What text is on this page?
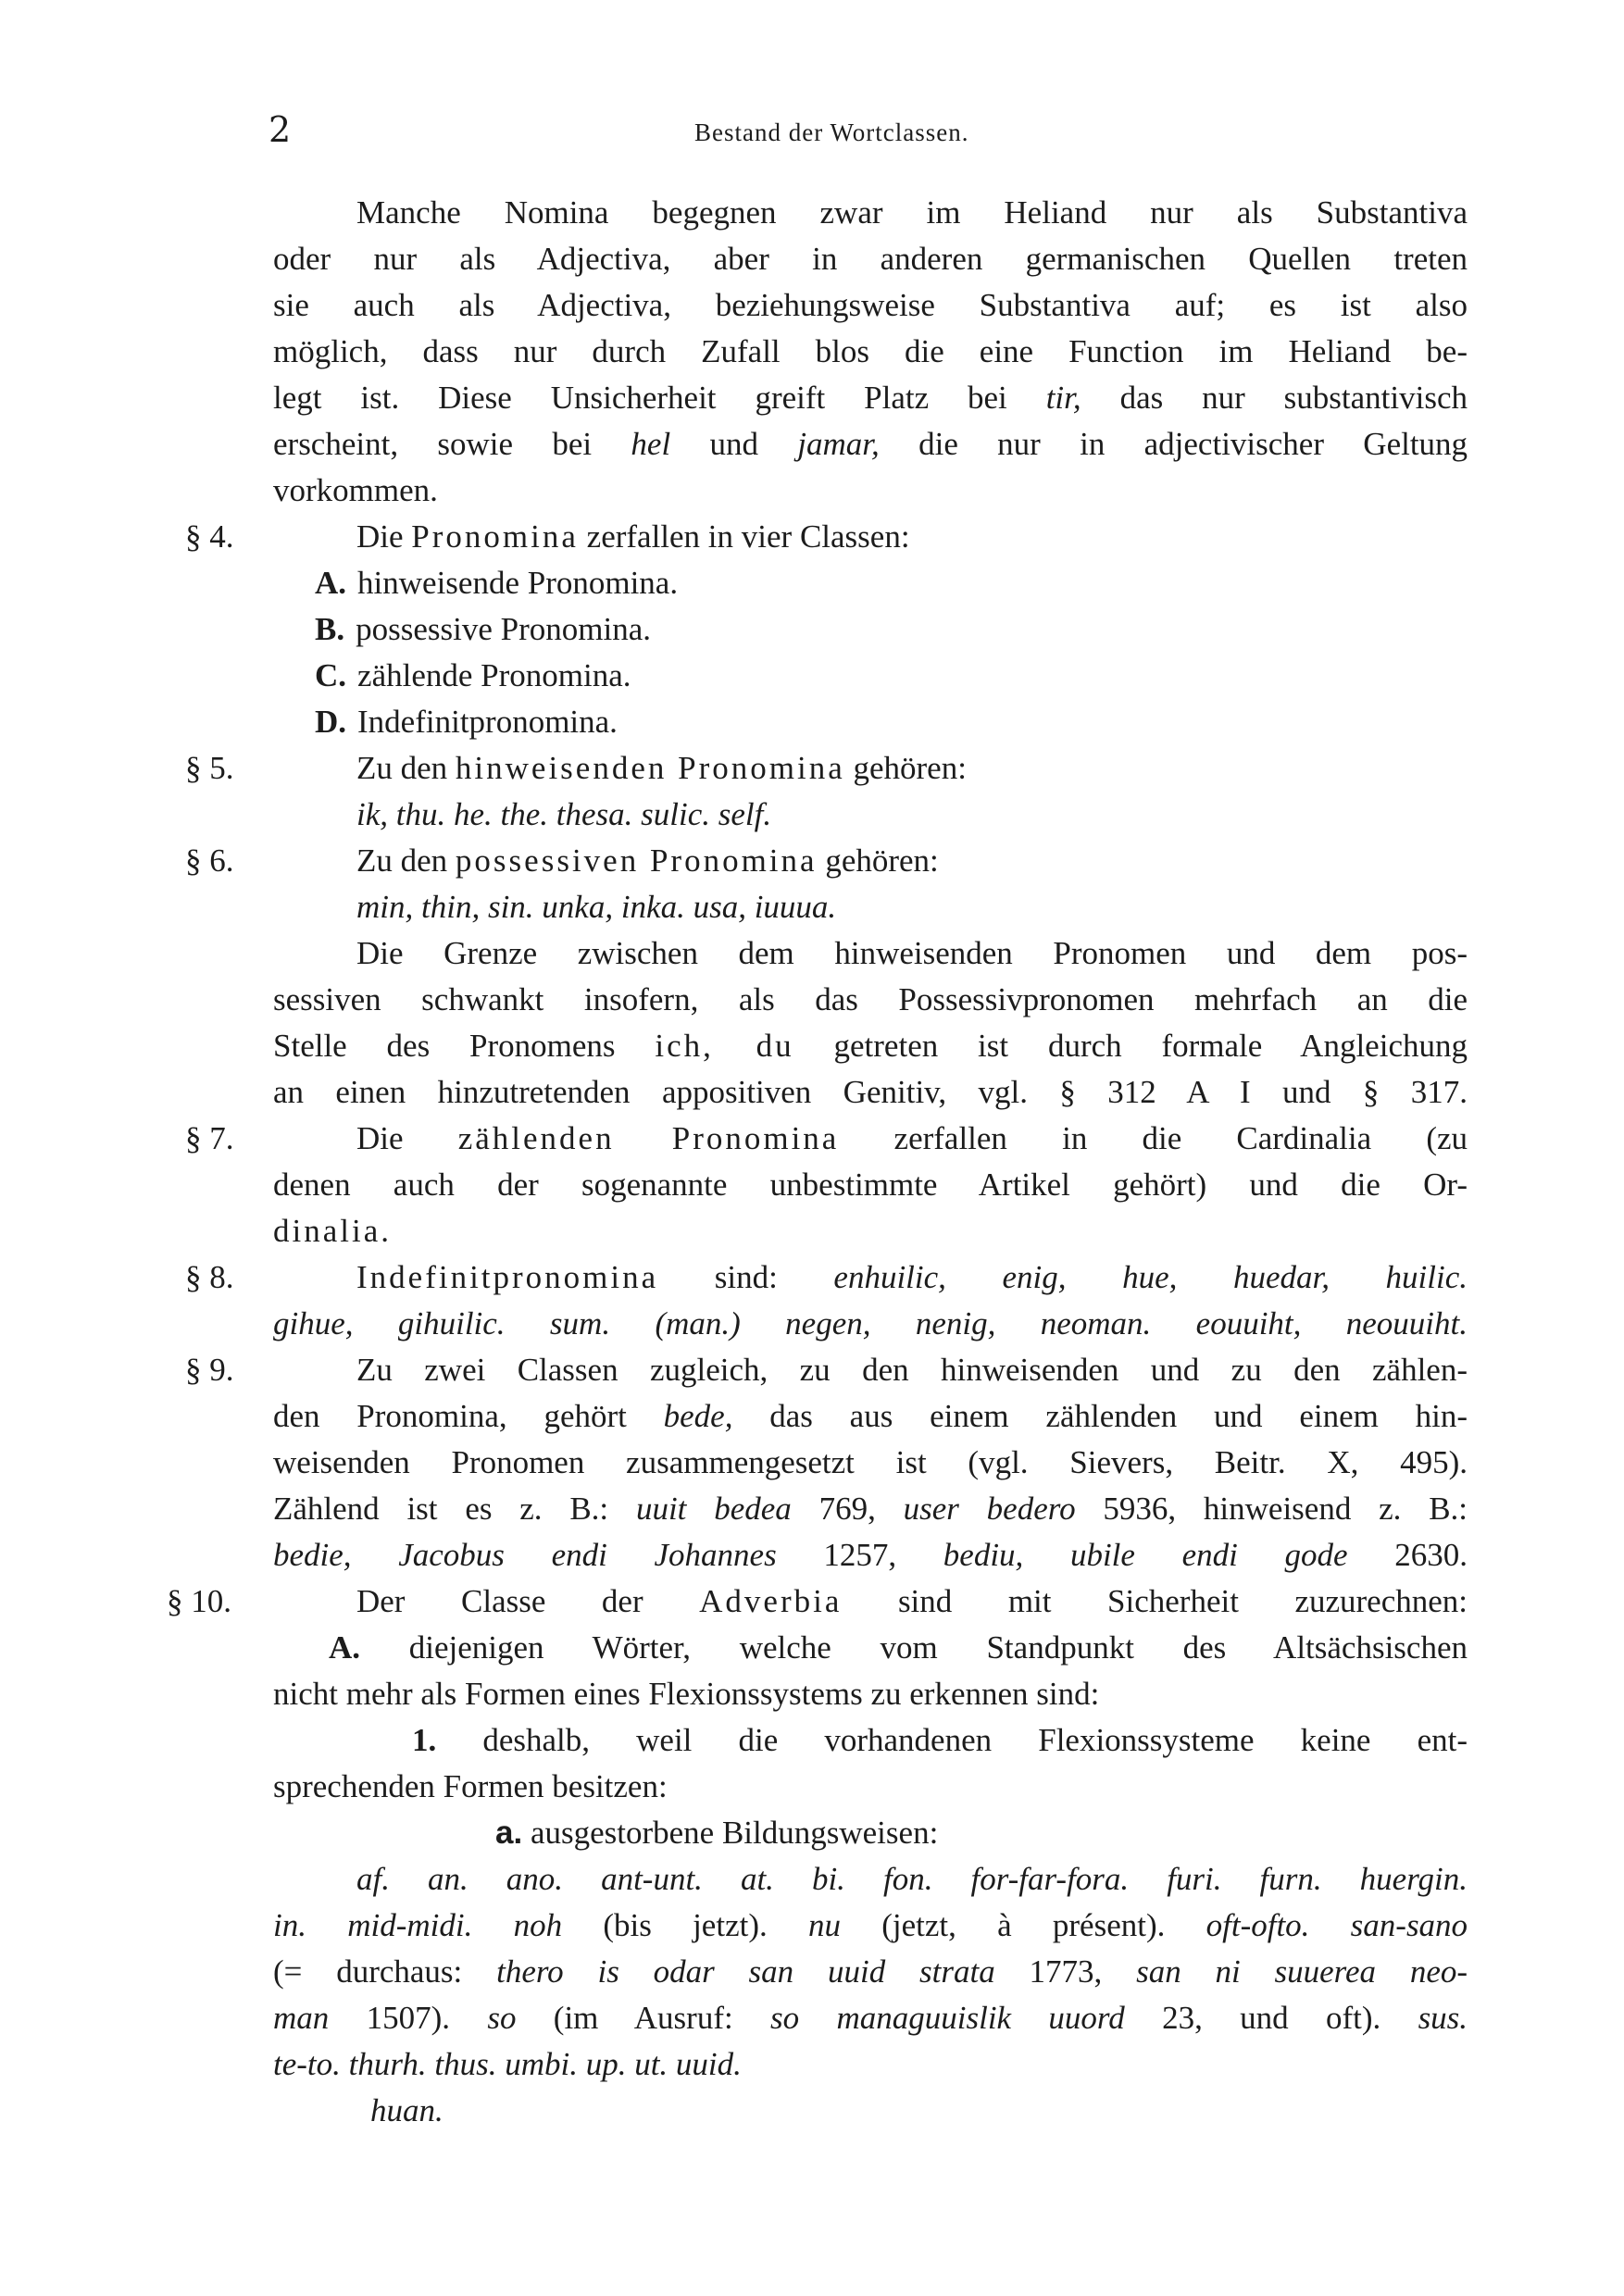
2	Bestand der Wortclassen.
Manche Nomina begegnen zwar im Heliand nur als Substantiva
oder nur als Adjectiva, aber in anderen germanischen Quellen treten
sie auch als Adjectiva, beziehungsweise Substantiva auf; es ist also
möglich, dass nur durch Zufall blos die eine Function im Heliand be-
legt ist. Diese Unsicherheit greift Platz bei tir, das nur substantivisch
erscheint, sowie bei hel und jamar, die nur in adjectivischer Geltung
vorkommen.
§ 4.	Die Pronomina zerfallen in vier Classen:
A. hinweisende Pronomina.
B. possessive Pronomina.
C. zählende Pronomina.
D. Indefinitpronomina.
§ 5.	Zu den hinweisenden Pronomina gehören:
ik, thu. he. the. thesa. sulic. self.
§ 6.	Zu den possessiven Pronomina gehören:
min, thin, sin. unka, inka. usa, iuuua.
Die Grenze zwischen dem hinweisenden Pronomen und dem pos-
sessiven schwankt insofern, als das Possessivpronomen mehrfach an die
Stelle des Pronomens ich, du getreten ist durch formale Angleichung
an einen hinzutretenden appositiven Genitiv, vgl. § 312 A I und § 317.
§ 7.	Die zählenden Pronomina zerfallen in die Cardinalia (zu
denen auch der sogenannte unbestimmte Artikel gehört) und die Or-
dinalia.
§ 8.	Indefinitpronomina sind: enhuilic, enig, hue, huedar, huilic.
gihue, gihuilic. sum. (man.) negen, nenig, neoman. eouuiht, neouuiht.
§ 9.	Zu zwei Classen zugleich, zu den hinweisenden und zu den zählen-
den Pronomina, gehört bede, das aus einem zählenden und einem hin-
weisenden Pronomen zusammengesetzt ist (vgl. Sievers, Beitr. X, 495).
Zählend ist es z. B.: uuit bedea 769, user bedero 5936, hinweisend z. B.:
bedie, Jacobus endi Johannes 1257, bediu, ubile endi gode 2630.
§ 10.	Der Classe der Adverbia sind mit Sicherheit zuzurechnen:
A. diejenigen Wörter, welche vom Standpunkt des Altsächsischen
nicht mehr als Formen eines Flexionssystems zu erkennen sind:
1. deshalb, weil die vorhandenen Flexionssysteme keine ent-
sprechenden Formen besitzen:
a. ausgestorbene Bildungsweisen:
af. an. ano. ant-unt. at. bi. fon. for-far-fora. furi. furn. huergin.
in. mid-midi. noh (bis jetzt). nu (jetzt, à présent). oft-ofto. san-sano
(= durchaus: thero is odar san uuid strata 1773, san ni suuerea neo-
man 1507). so (im Ausruf: so managuuislik uuord 23, und oft). sus.
te-to. thurh. thus. umbi. up. ut. uuid.
huan.
